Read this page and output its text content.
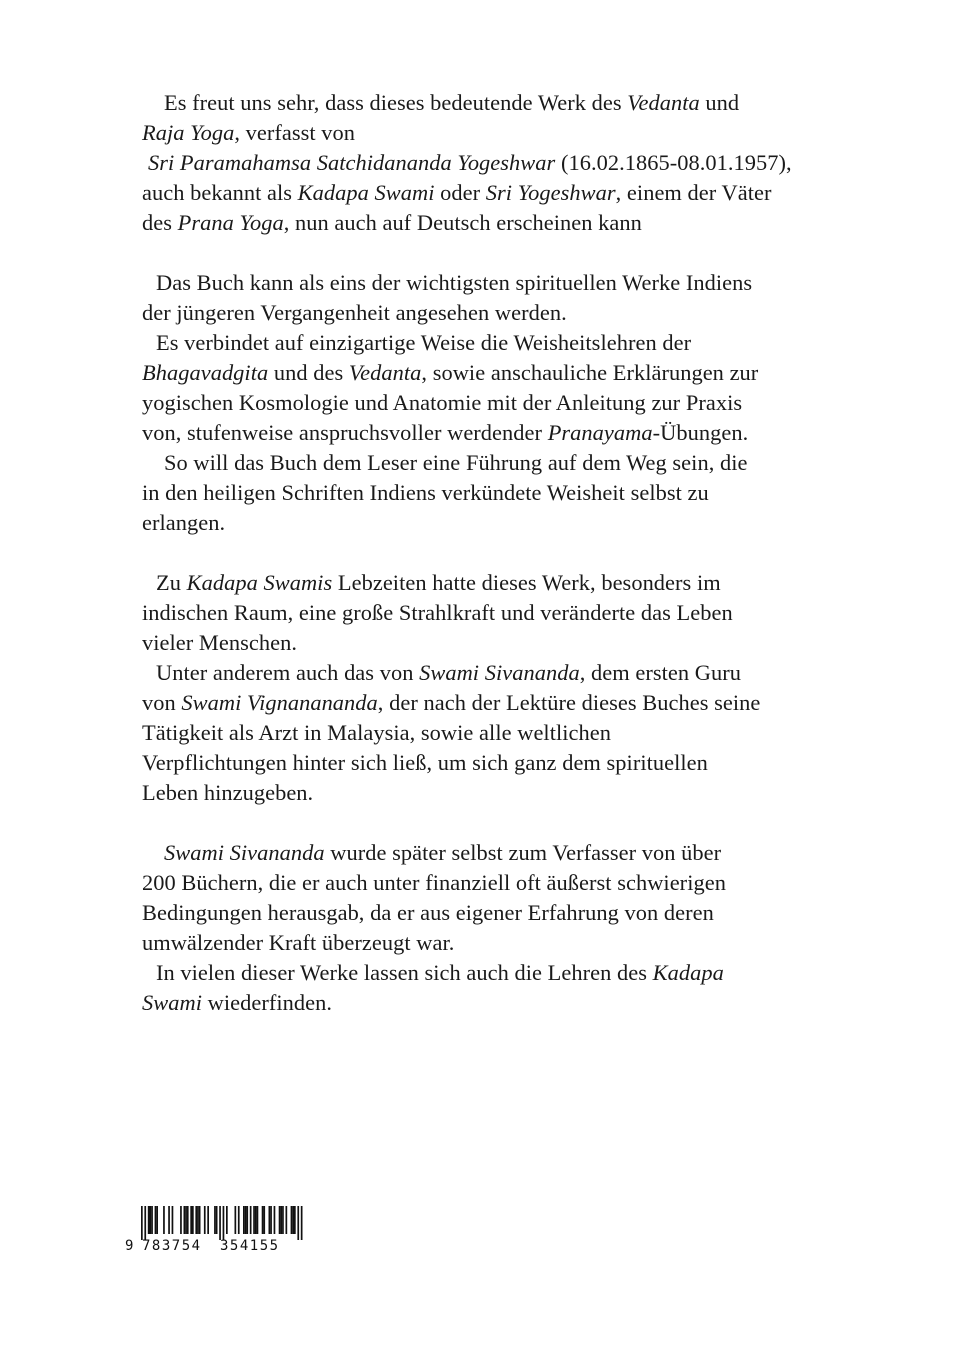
Es freut uns sehr, dass dieses bedeutende Werk des Vedanta und
Raja Yoga, verfasst von
Sri Paramahamsa Satchidananda Yogeshwar (16.02.1865-08.01.1957),
auch bekannt als Kadapa Swami oder Sri Yogeshwar, einem der Väter
des Prana Yoga, nun auch auf Deutsch erscheinen kann
Das Buch kann als eins der wichtigsten spirituellen Werke Indiens
der jüngeren Vergangenheit angesehen werden.
Es verbindet auf einzigartige Weise die Weisheitslehren der
Bhagavadgita und des Vedanta, sowie anschauliche Erklärungen zur
yogischen Kosmologie und Anatomie mit der Anleitung zur Praxis
von, stufenweise anspruchsvoller werdender Pranayama-Übungen.
So will das Buch dem Leser eine Führung auf dem Weg sein, die
in den heiligen Schriften Indiens verkündete Weisheit selbst zu
erlangen.
Zu Kadapa Swamis Lebzeiten hatte dieses Werk, besonders im
indischen Raum, eine große Strahlkraft und veränderte das Leben
vieler Menschen.
Unter anderem auch das von Swami Sivananda, dem ersten Guru
von Swami Vignanananda, der nach der Lektüre dieses Buches seine
Tätigkeit als Arzt in Malaysia, sowie alle weltlichen
Verpflichtungen hinter sich ließ, um sich ganz dem spirituellen
Leben hinzugeben.
Swami Sivananda wurde später selbst zum Verfasser von über
200 Büchern, die er auch unter finanziell oft äußerst schwierigen
Bedingungen herausgab, da er aus eigener Erfahrung von deren
umwälzender Kraft überzeugt war.
In vielen dieser Werke lassen sich auch die Lehren des Kadapa
Swami wiederfinden.

9

783754

354155
